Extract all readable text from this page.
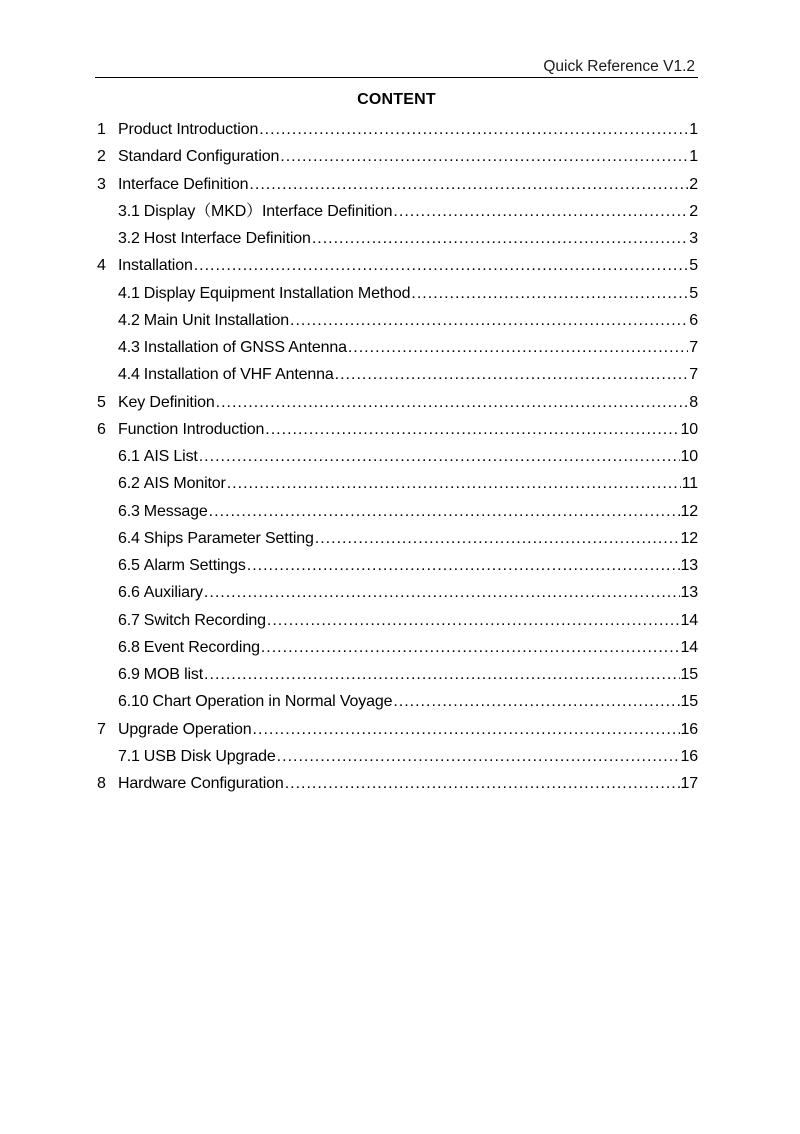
Quick Reference V1.2
CONTENT
1 Product Introduction .....	1
2 Standard Configuration .....	1
3 Interface Definition .....	2
3.1 Display（MKD）Interface Definition .....	2
3.2 Host Interface Definition .....	3
4 Installation .....	5
4.1 Display Equipment Installation Method .....	5
4.2 Main Unit Installation .....	6
4.3 Installation of GNSS Antenna .....	7
4.4 Installation of VHF Antenna .....	7
5 Key Definition .....	8
6 Function Introduction .....	10
6.1 AIS List .....	10
6.2 AIS Monitor .....	11
6.3 Message .....	12
6.4 Ships Parameter Setting .....	12
6.5 Alarm Settings .....	13
6.6 Auxiliary .....	13
6.7 Switch Recording .....	14
6.8 Event Recording .....	14
6.9 MOB list .....	15
6.10 Chart Operation in Normal Voyage .....	15
7 Upgrade Operation .....	16
7.1 USB Disk Upgrade .....	16
8 Hardware Configuration .....	17
